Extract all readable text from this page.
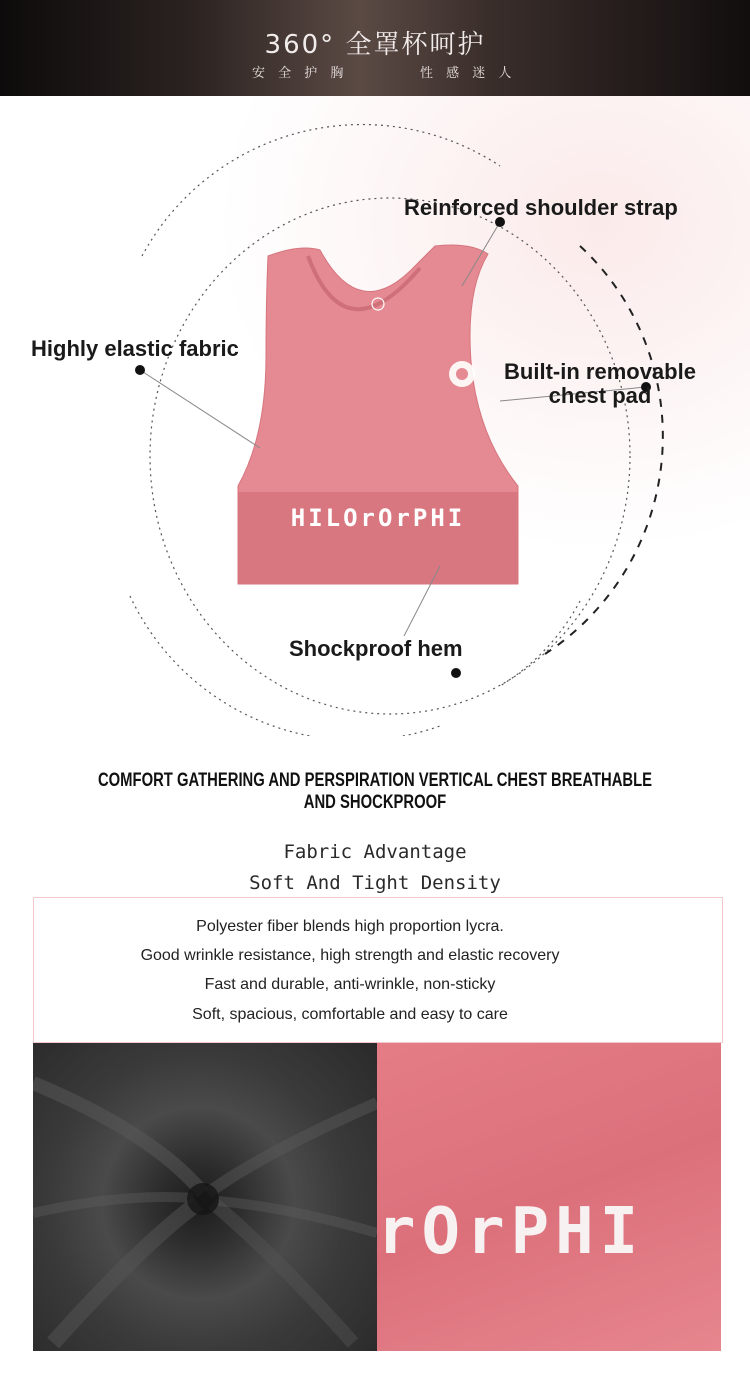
360° 全罩杯呵护
安 全 护 胸	性 感 迷 人
HILOrOrPHI
Reinforced shoulder strap
Highly elastic fabric
Built-in removable
chest pad
Shockproof hem
COMFORT GATHERING AND PERSPIRATION VERTICAL CHEST BREATHABLE AND SHOCKPROOF
Fabric Advantage
Soft And Tight Density
Polyester fiber blends high proportion lycra.
Good wrinkle resistance, high strength and elastic recovery
Fast and durable, anti-wrinkle, non-sticky
Soft, spacious, comfortable and easy to care
rOrPHI
